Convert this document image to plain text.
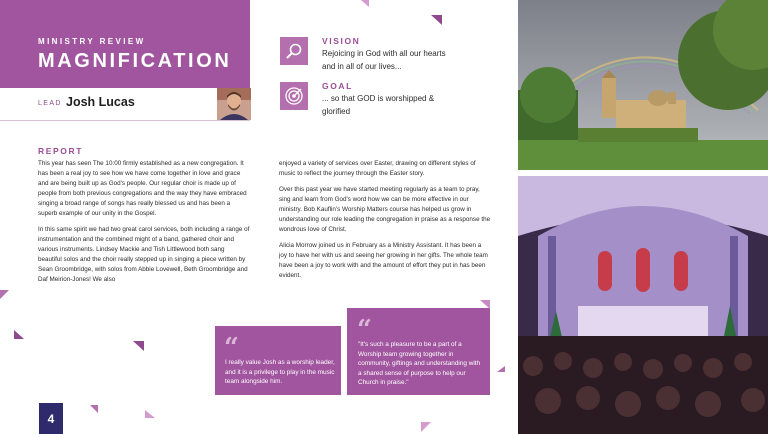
MINISTRY REVIEW
MAGNIFICATION
LEAD Josh Lucas
VISION
Rejoicing in God with all our hearts and in all of our lives...
GOAL
... so that GOD is worshipped & glorified
REPORT

This year has seen The 10:00 firmly established as a new congregation. It has been a real joy to see how we have come together in love and grace and are being built up as God's people. Our regular choir is made up of people from both previous congregations and the way they have embraced singing a broad range of songs has really blessed us and has been a superb example of our unity in the Gospel.

In this same spirit we had two great carol services, both including a range of instrumentation and the combined might of a band, gathered choir and various instruments. Lindsey Mackie and Tish Littlewood both sang beautiful solos and the choir really stepped up in singing a piece written by Sean Groombridge, with solos from Abbie Lovewell, Beth Groombridge and Daf Meirion-Jones! We also

enjoyed a variety of services over Easter, drawing on different styles of music to reflect the journey through the Easter story.

Over this past year we have started meeting regularly as a team to pray, sing and learn from God's word how we can be more effective in our ministry. Bob Kauflin's Worship Matters course has helped us grow in understanding our role leading the congregation in praise as a response the wondrous love of Christ.

Alicia Morrow joined us in February as a Ministry Assistant. It has been a joy to have her with us and seeing her growing in her gifts. The whole team have been a joy to work with and the amount of effort they put in has been evident.

“
I really value Josh as a worship leader, and it is a privilege to play in the music team alongside him.
“
"It's such a pleasure to be a part of a Worship team growing together in community, giftings and understanding with a shared sense of purpose to help our Church in praise."
4
